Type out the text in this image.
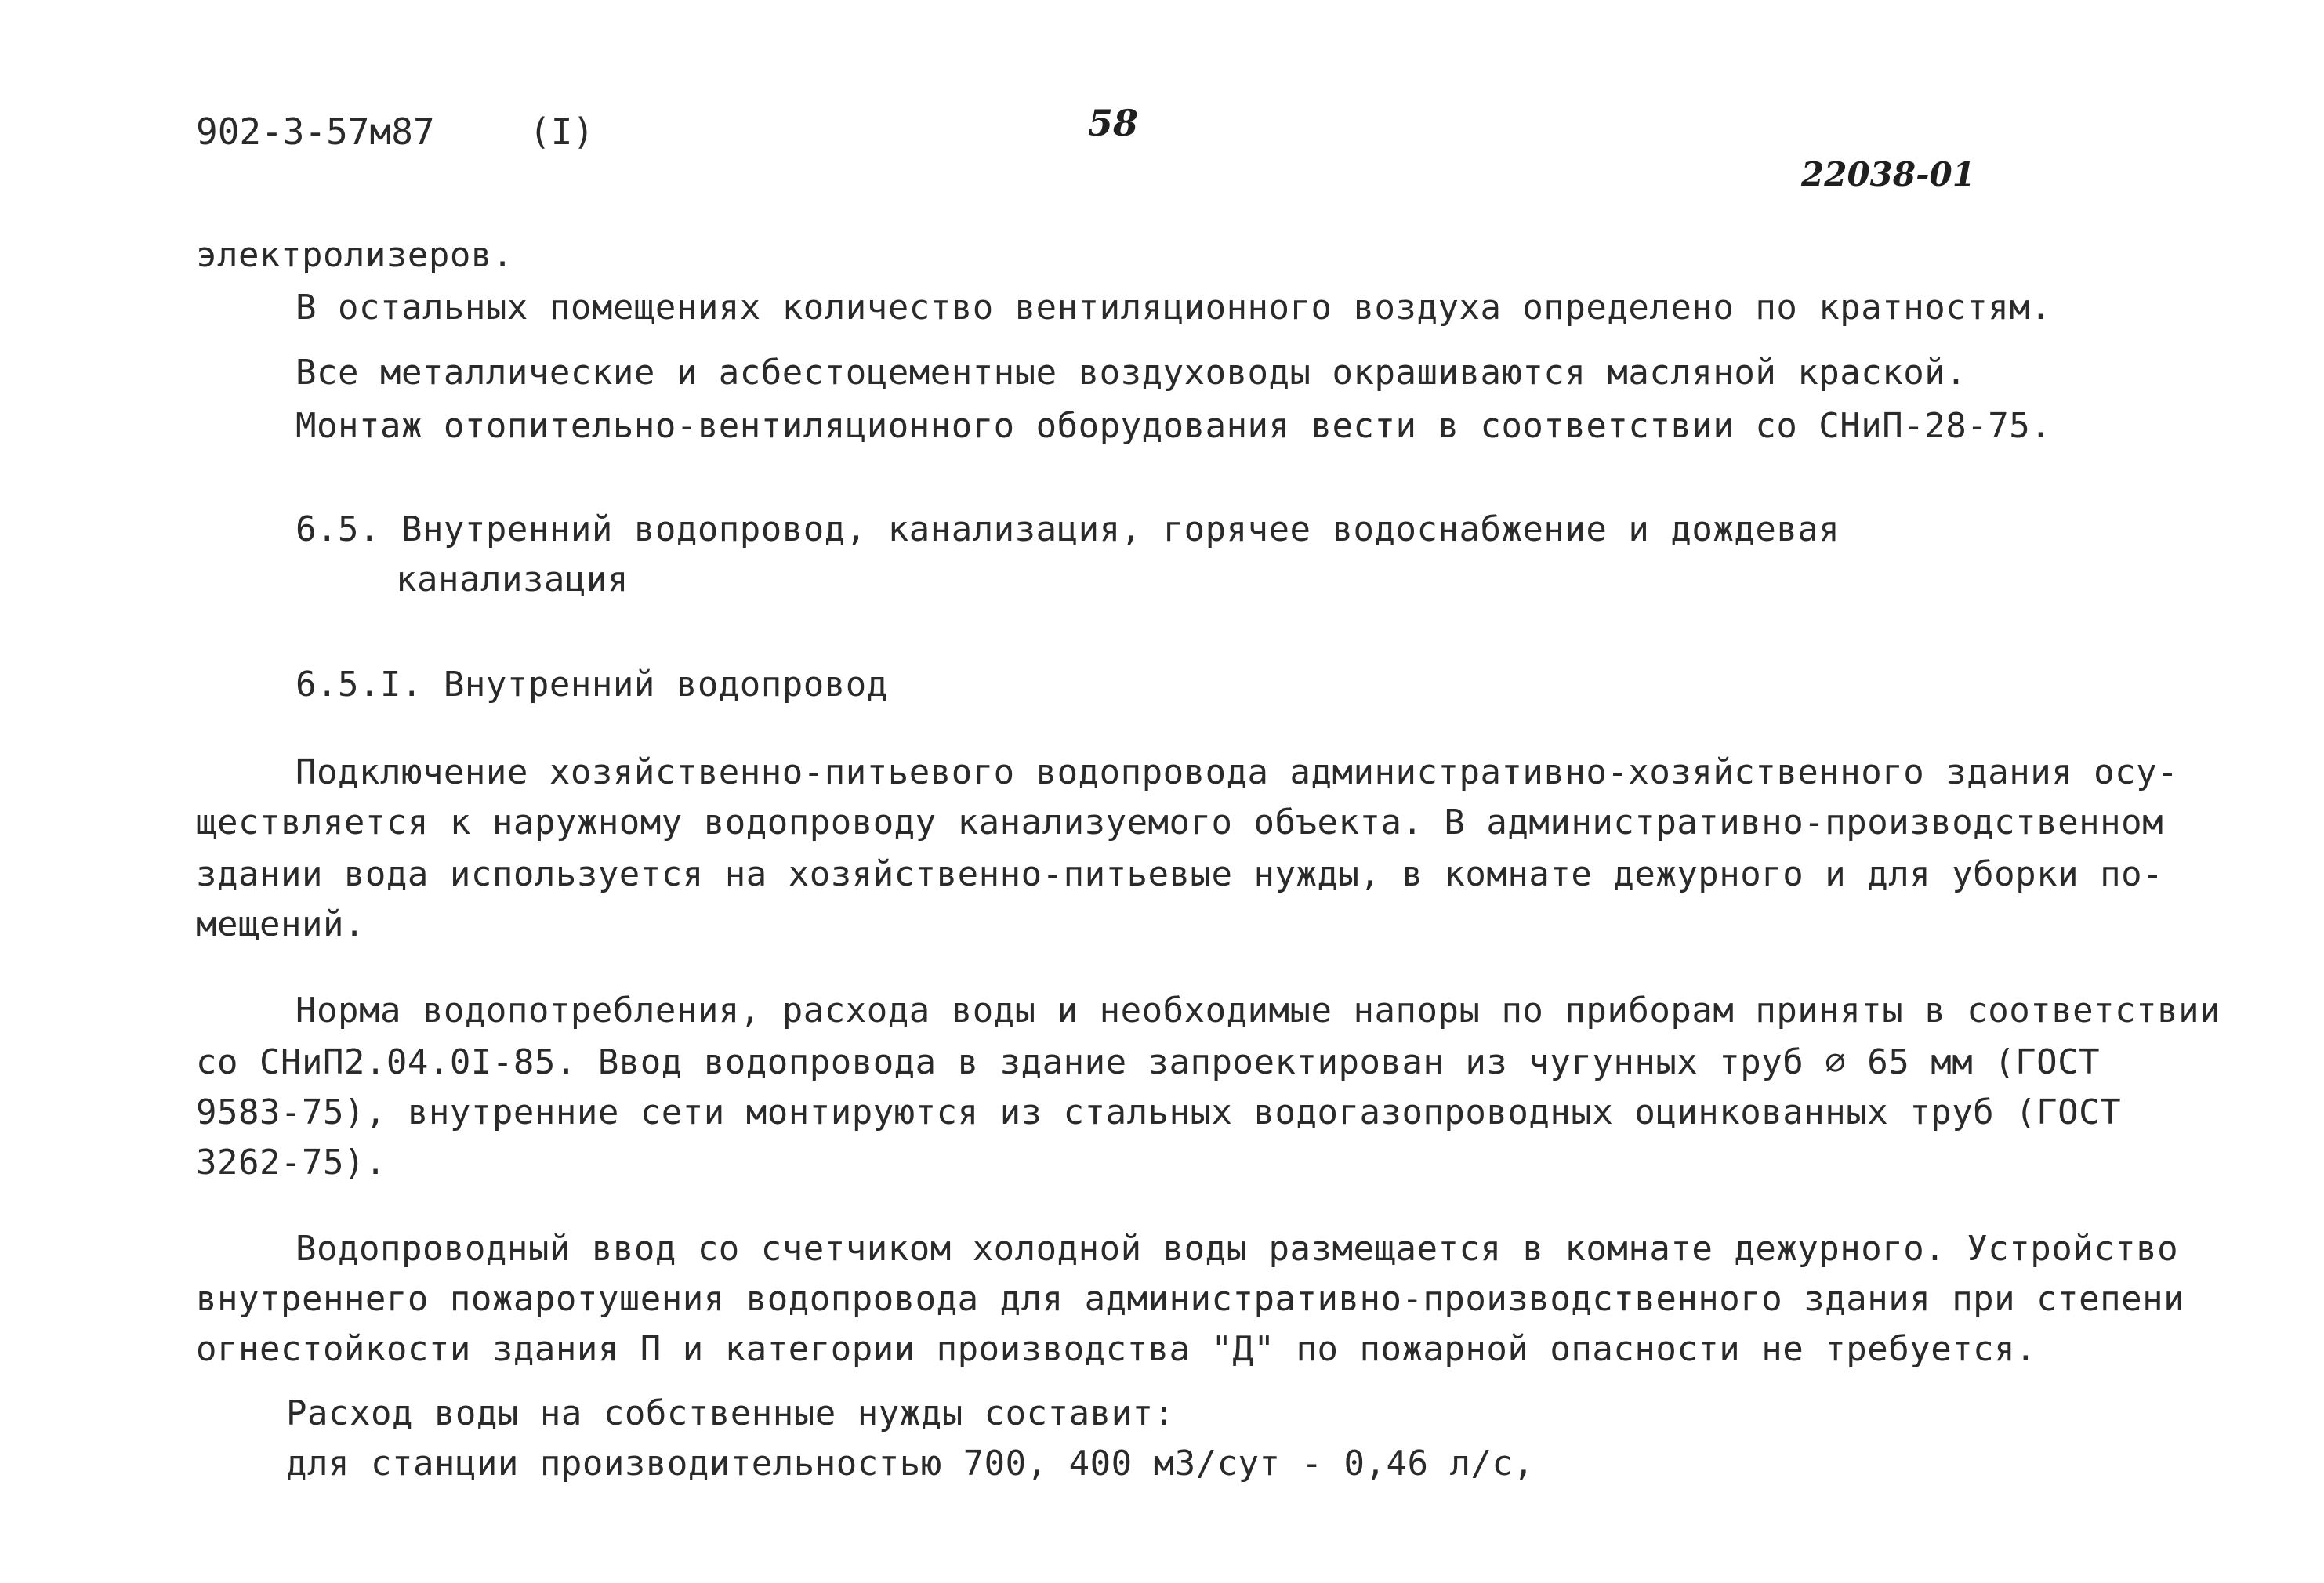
902-3-57м87	(I)	58
22038-01
электролизеров.
В остальных помещениях количество вентиляционного воздуха определено по кратностям.
Все металлические и асбестоцементные воздуховоды окрашиваются масляной краской.
Монтаж отопительно-вентиляционного оборудования вести в соответствии со СНиП-28-75.
6.5. Внутренний водопровод, канализация, горячее водоснабжение и дождевая
канализация
6.5.I. Внутренний водопровод
Подключение хозяйственно-питьевого водопровода административно-хозяйственного здания осу-
ществляется к наружному водопроводу канализуемого объекта. В административно-производственном
здании вода используется на хозяйственно-питьевые нужды, в комнате дежурного и для уборки по-
мещений.
Норма водопотребления, расхода воды и необходимые напоры по приборам приняты в соответствии
со СНиП2.04.0I-85. Ввод водопровода в здание запроектирован из чугунных труб ∅ 65 мм (ГОСТ
9583-75), внутренние сети монтируются из стальных водогазопроводных оцинкованных труб (ГОСТ
3262-75).
Водопроводный ввод со счетчиком холодной воды размещается в комнате дежурного. Устройство
внутреннего пожаротушения водопровода для административно-производственного здания при степени
огнестойкости здания П и категории производства "Д" по пожарной опасности не требуется.
Расход воды на собственные нужды составит:
для станции производительностью 700, 400 м3/сут - 0,46 л/с,
